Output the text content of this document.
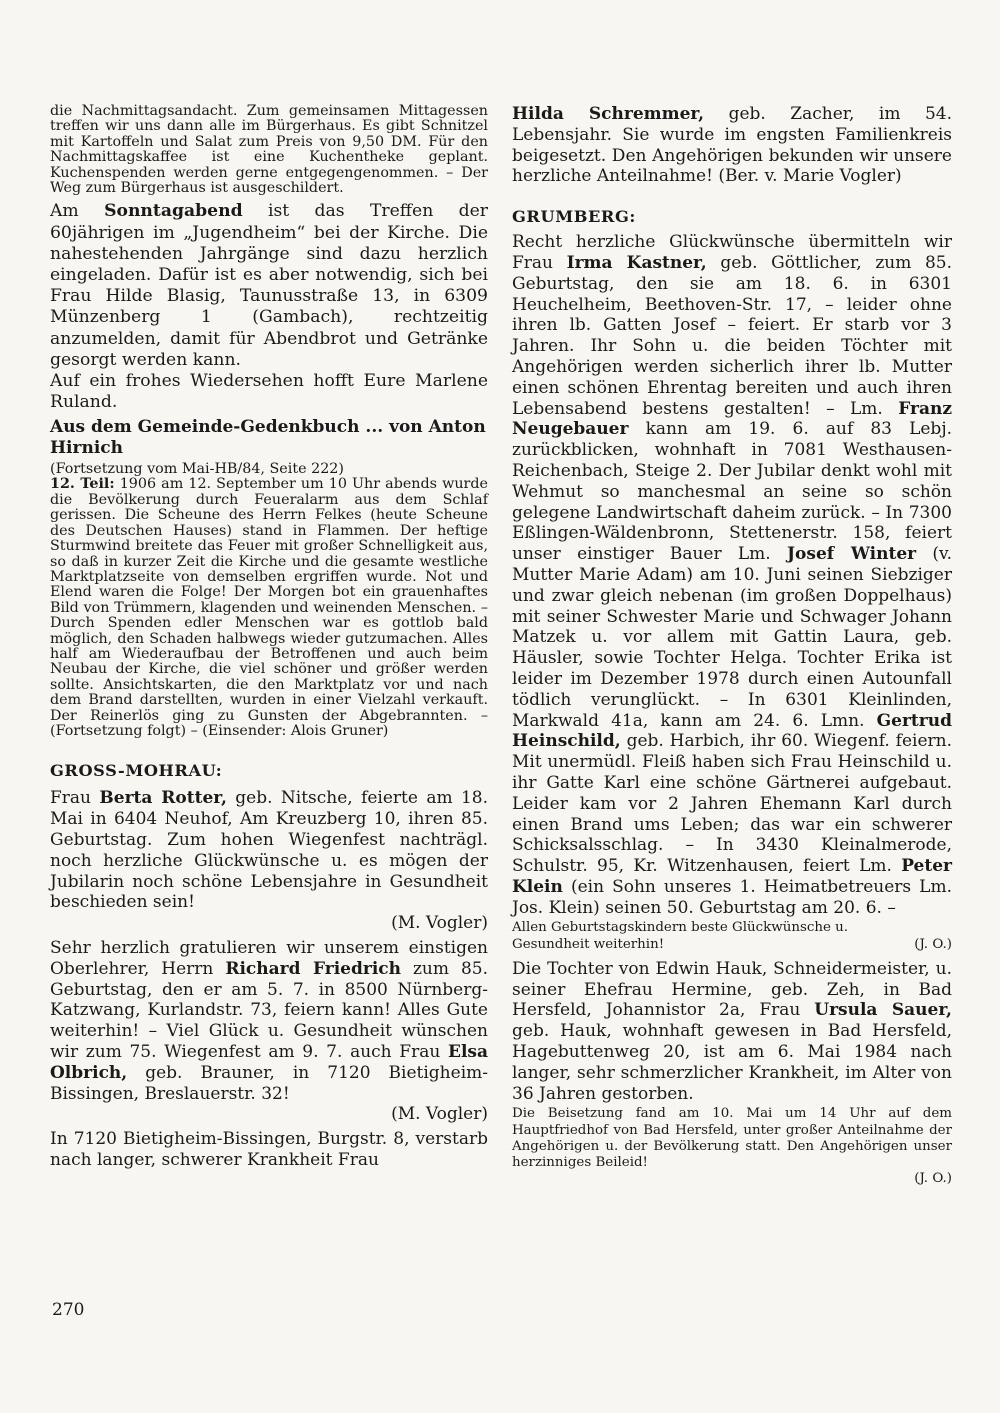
die Nachmittagsandacht. Zum gemeinsamen Mittagessen treffen wir uns dann alle im Bürgerhaus. Es gibt Schnitzel mit Kartoffeln und Salat zum Preis von 9,50 DM. Für den Nachmittagskaffee ist eine Kuchentheke geplant. Kuchenspenden werden gerne entgegengenommen. – Der Weg zum Bürgerhaus ist ausgeschildert.

Am Sonntagabend ist das Treffen der 60jährigen im „Jugendheim“ bei der Kirche. Die nahestehenden Jahrgänge sind dazu herzlich eingeladen. Dafür ist es aber notwendig, sich bei Frau Hilde Blasig, Taunusstraße 13, in 6309 Münzenberg 1 (Gambach), rechtzeitig anzumelden, damit für Abendbrot und Getränke gesorgt werden kann.

Auf ein frohes Wiedersehen hofft Eure Marlene Ruland.

Aus dem Gemeinde-Gedenkbuch ... von Anton Hirnich

(Fortsetzung vom Mai-HB/84, Seite 222)

12. Teil: 1906 am 12. September um 10 Uhr abends wurde die Bevölkerung durch Feueralarm aus dem Schlaf gerissen. Die Scheune des Herrn Felkes (heute Scheune des Deutschen Hauses) stand in Flammen. Der heftige Sturmwind breitete das Feuer mit großer Schnelligkeit aus, so daß in kurzer Zeit die Kirche und die gesamte westliche Marktplatzseite von demselben ergriffen wurde. Not und Elend waren die Folge! Der Morgen bot ein grauenhaftes Bild von Trümmern, klagenden und weinenden Menschen. – Durch Spenden edler Menschen war es gottlob bald möglich, den Schaden halbwegs wieder gutzumachen. Alles half am Wiederaufbau der Betroffenen und auch beim Neubau der Kirche, die viel schöner und größer werden sollte. Ansichtskarten, die den Marktplatz vor und nach dem Brand darstellten, wurden in einer Vielzahl verkauft. Der Reinerlös ging zu Gunsten der Abgebrannten. – (Fortsetzung folgt) – (Einsender: Alois Gruner)

GROSS-MOHRAU:

Frau Berta Rotter, geb. Nitsche, feierte am 18. Mai in 6404 Neuhof, Am Kreuzberg 10, ihren 85. Geburtstag. Zum hohen Wiegenfest nachträgl. noch herzliche Glückwünsche u. es mögen der Jubilarin noch schöne Lebensjahre in Gesundheit beschieden sein!

(M. Vogler)

Sehr herzlich gratulieren wir unserem einstigen Oberlehrer, Herrn Richard Friedrich zum 85. Geburtstag, den er am 5. 7. in 8500 Nürnberg-Katzwang, Kurlandstr. 73, feiern kann! Alles Gute weiterhin! – Viel Glück u. Gesundheit wünschen wir zum 75. Wiegenfest am 9. 7. auch Frau Elsa Olbrich, geb. Brauner, in 7120 Bietigheim-Bissingen, Breslauerstr. 32!

(M. Vogler)

In 7120 Bietigheim-Bissingen, Burgstr. 8, verstarb nach langer, schwerer Krankheit Frau

Hilda Schremmer, geb. Zacher, im 54. Lebensjahr. Sie wurde im engsten Familienkreis beigesetzt. Den Angehörigen bekunden wir unsere herzliche Anteilnahme! (Ber. v. Marie Vogler)

GRUMBERG:

Recht herzliche Glückwünsche übermitteln wir Frau Irma Kastner, geb. Göttlicher, zum 85. Geburtstag, den sie am 18. 6. in 6301 Heuchelheim, Beethoven-Str. 17, – leider ohne ihren lb. Gatten Josef – feiert. Er starb vor 3 Jahren. Ihr Sohn u. die beiden Töchter mit Angehörigen werden sicherlich ihrer lb. Mutter einen schönen Ehrentag bereiten und auch ihren Lebensabend bestens gestalten! – Lm. Franz Neugebauer kann am 19. 6. auf 83 Lebj. zurückblicken, wohnhaft in 7081 Westhausen-Reichenbach, Steige 2. Der Jubilar denkt wohl mit Wehmut so manchesmal an seine so schön gelegene Landwirtschaft daheim zurück. – In 7300 Eßlingen-Wäldenbronn, Stettenerstr. 158, feiert unser einstiger Bauer Lm. Josef Winter (v. Mutter Marie Adam) am 10. Juni seinen Siebziger und zwar gleich nebenan (im großen Doppelhaus) mit seiner Schwester Marie und Schwager Johann Matzek u. vor allem mit Gattin Laura, geb. Häusler, sowie Tochter Helga. Tochter Erika ist leider im Dezember 1978 durch einen Autounfall tödlich verunglückt. – In 6301 Kleinlinden, Markwald 41a, kann am 24. 6. Lmn. Gertrud Heinschild, geb. Harbich, ihr 60. Wiegenf. feiern. Mit unermüdl. Fleiß haben sich Frau Heinschild u. ihr Gatte Karl eine schöne Gärtnerei aufgebaut. Leider kam vor 2 Jahren Ehemann Karl durch einen Brand ums Leben; das war ein schwerer Schicksalsschlag. – In 3430 Kleinalmerode, Schulstr. 95, Kr. Witzenhausen, feiert Lm. Peter Klein (ein Sohn unseres 1. Heimatbetreuers Lm. Jos. Klein) seinen 50. Geburtstag am 20. 6. –

Allen Geburtstagskindern beste Glückwünsche u.

Gesundheit weiterhin!	(J. O.)

Die Tochter von Edwin Hauk, Schneidermeister, u. seiner Ehefrau Hermine, geb. Zeh, in Bad Hersfeld, Johannistor 2a, Frau Ursula Sauer, geb. Hauk, wohnhaft gewesen in Bad Hersfeld, Hagebuttenweg 20, ist am 6. Mai 1984 nach langer, sehr schmerzlicher Krankheit, im Alter von 36 Jahren gestorben.

Die Beisetzung fand am 10. Mai um 14 Uhr auf dem Hauptfriedhof von Bad Hersfeld, unter großer Anteilnahme der Angehörigen u. der Bevölkerung statt. Den Angehörigen unser herzinniges Beileid!

(J. O.)

270
